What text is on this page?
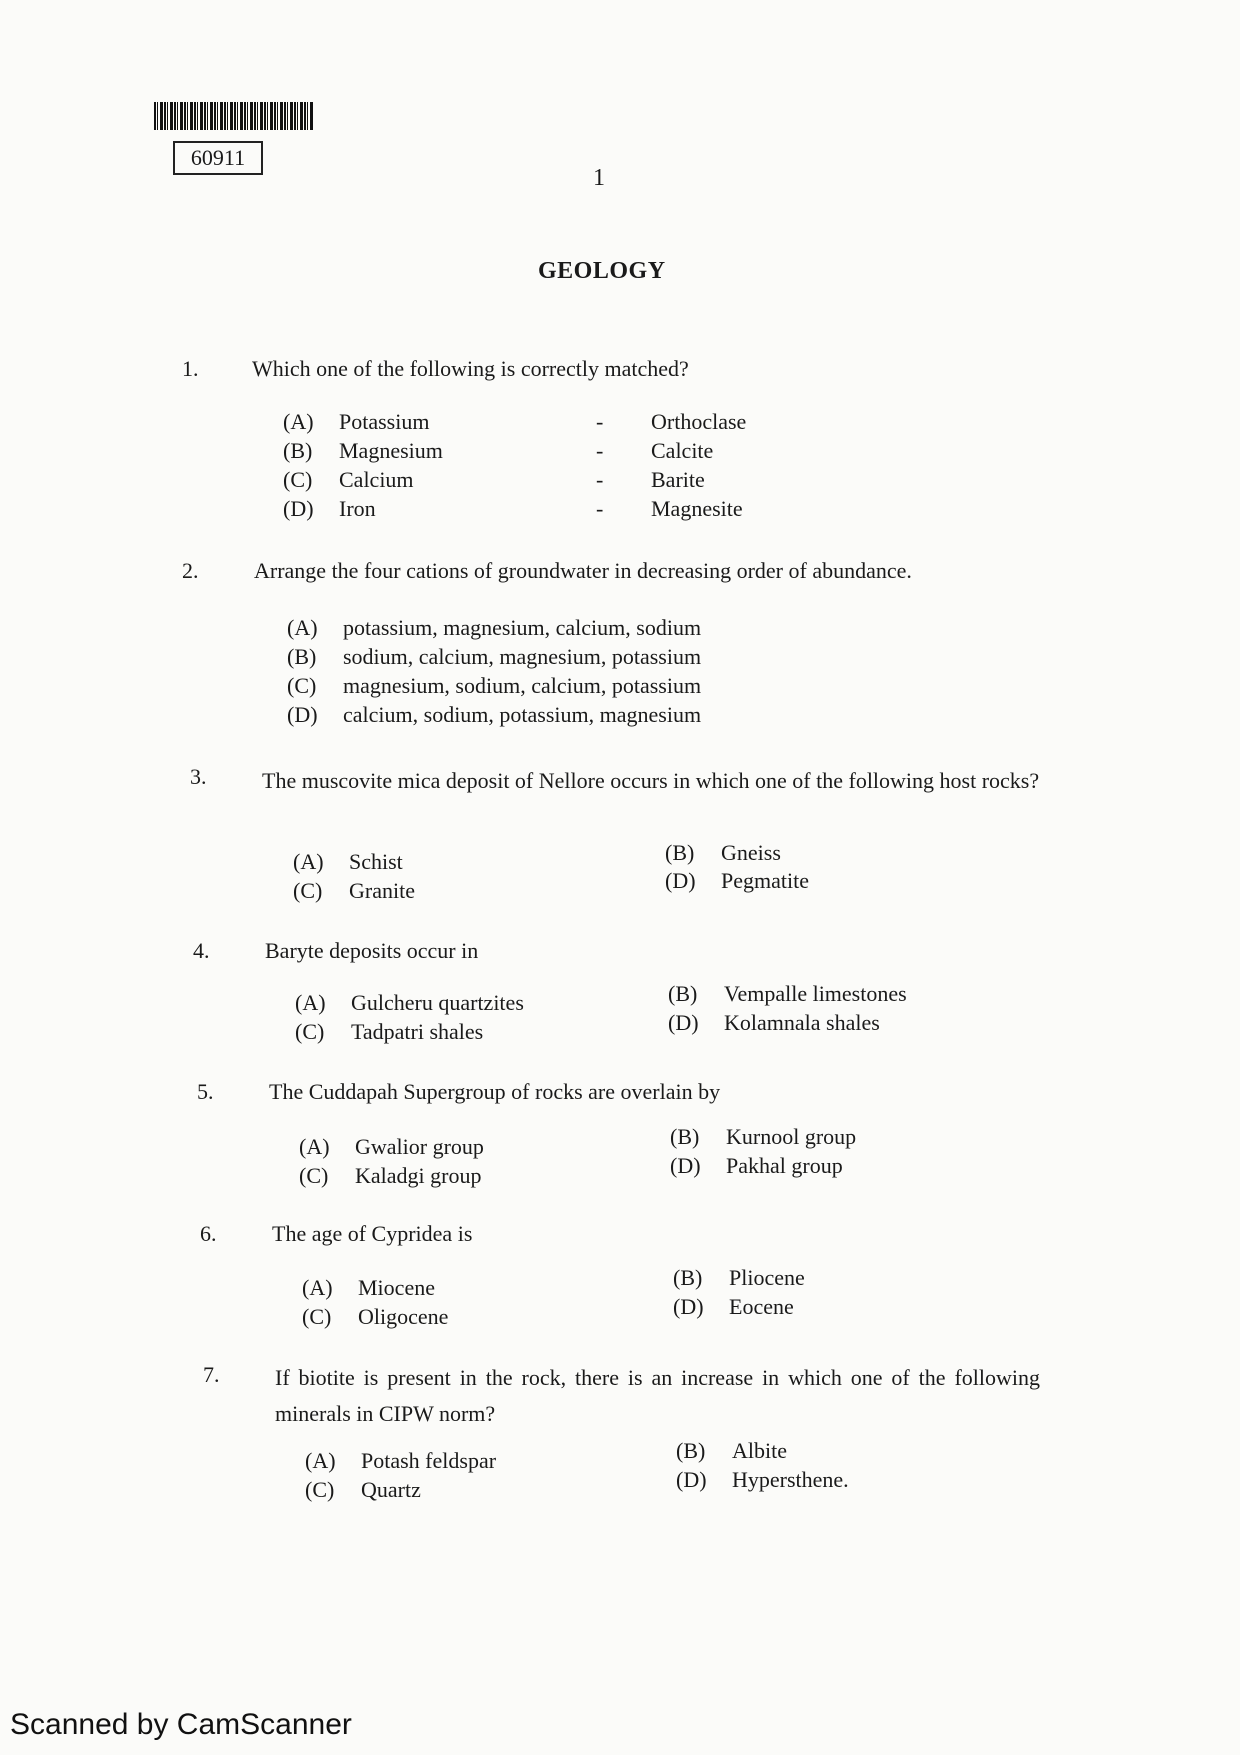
60911
1
GEOLOGY
1. Which one of the following is correctly matched?
(A) Potassium	- Orthoclase
(B) Magnesium	- Calcite
(C) Calcium	- Barite
(D) Iron	- Magnesite
2.	Arrange the four cations of groundwater in decreasing order of abundance.
(A) potassium, magnesium, calcium, sodium
(B) sodium, calcium, magnesium, potassium
(C) magnesium, sodium, calcium, potassium
(D) calcium, sodium, potassium, magnesium
3.	The muscovite mica deposit of Nellore occurs in which one of the following host rocks?
(A) Schist	(B) Gneiss
(C) Granite	(D) Pegmatite
4.	Baryte deposits occur in
(A) Gulcheru quartzites	(B) Vempalle limestones
(C) Tadpatri shales	(D) Kolamnala shales
5.	The Cuddapah Supergroup of rocks are overlain by
(A) Gwalior group	(B) Kurnool group
(C) Kaladgi group	(D) Pakhal group
6.	The age of Cypridea is
(A) Miocene	(B) Pliocene
(C) Oligocene	(D) Eocene
7.	If biotite is present in the rock, there is an increase in which one of the following minerals in CIPW norm?
(A) Potash feldspar	(B) Albite
(C) Quartz	(D) Hypersthene.
Scanned by CamScanner
